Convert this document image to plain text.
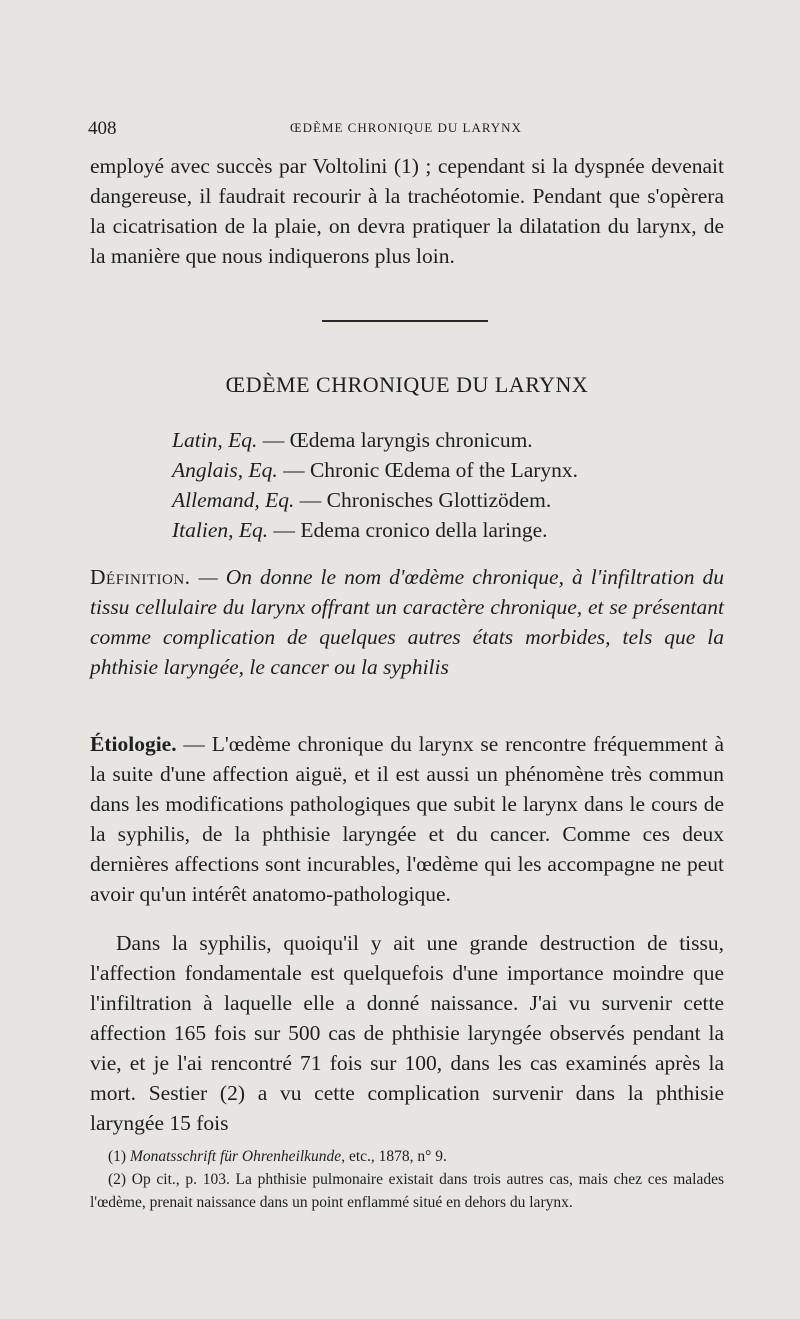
408	ŒDÈME CHRONIQUE DU LARYNX
employé avec succès par Voltolini (1) ; cependant si la dyspnée devenait dangereuse, il faudrait recourir à la trachéotomie. Pendant que s'opèrera la cicatrisation de la plaie, on devra pratiquer la dilatation du larynx, de la manière que nous indiquerons plus loin.
ŒDÈME CHRONIQUE DU LARYNX
Latin, Eq. — Œdema laryngis chronicum.
Anglais, Eq. — Chronic Œdema of the Larynx.
Allemand, Eq. — Chronisches Glottizödem.
Italien, Eq. — Edema cronico della laringe.
Définition. — On donne le nom d'œdème chronique, à l'infiltration du tissu cellulaire du larynx offrant un caractère chronique, et se présentant comme complication de quelques autres états morbides, tels que la phthisie laryngée, le cancer ou la syphilis
Étiologie. — L'œdème chronique du larynx se rencontre fréquemment à la suite d'une affection aiguë, et il est aussi un phénomène très commun dans les modifications pathologiques que subit le larynx dans le cours de la syphilis, de la phthisie laryngée et du cancer. Comme ces deux dernières affections sont incurables, l'œdème qui les accompagne ne peut avoir qu'un intérêt anatomo-pathologique.
Dans la syphilis, quoiqu'il y ait une grande destruction de tissu, l'affection fondamentale est quelquefois d'une importance moindre que l'infiltration à laquelle elle a donné naissance. J'ai vu survenir cette affection 165 fois sur 500 cas de phthisie laryngée observés pendant la vie, et je l'ai rencontré 71 fois sur 100, dans les cas examinés après la mort. Sestier (2) a vu cette complication survenir dans la phthisie laryngée 15 fois
(1) Monatsschrift für Ohrenheilkunde, etc., 1878, n° 9.
(2) Op cit., p. 103. La phthisie pulmonaire existait dans trois autres cas, mais chez ces malades l'œdème, prenait naissance dans un point enflammé situé en dehors du larynx.
